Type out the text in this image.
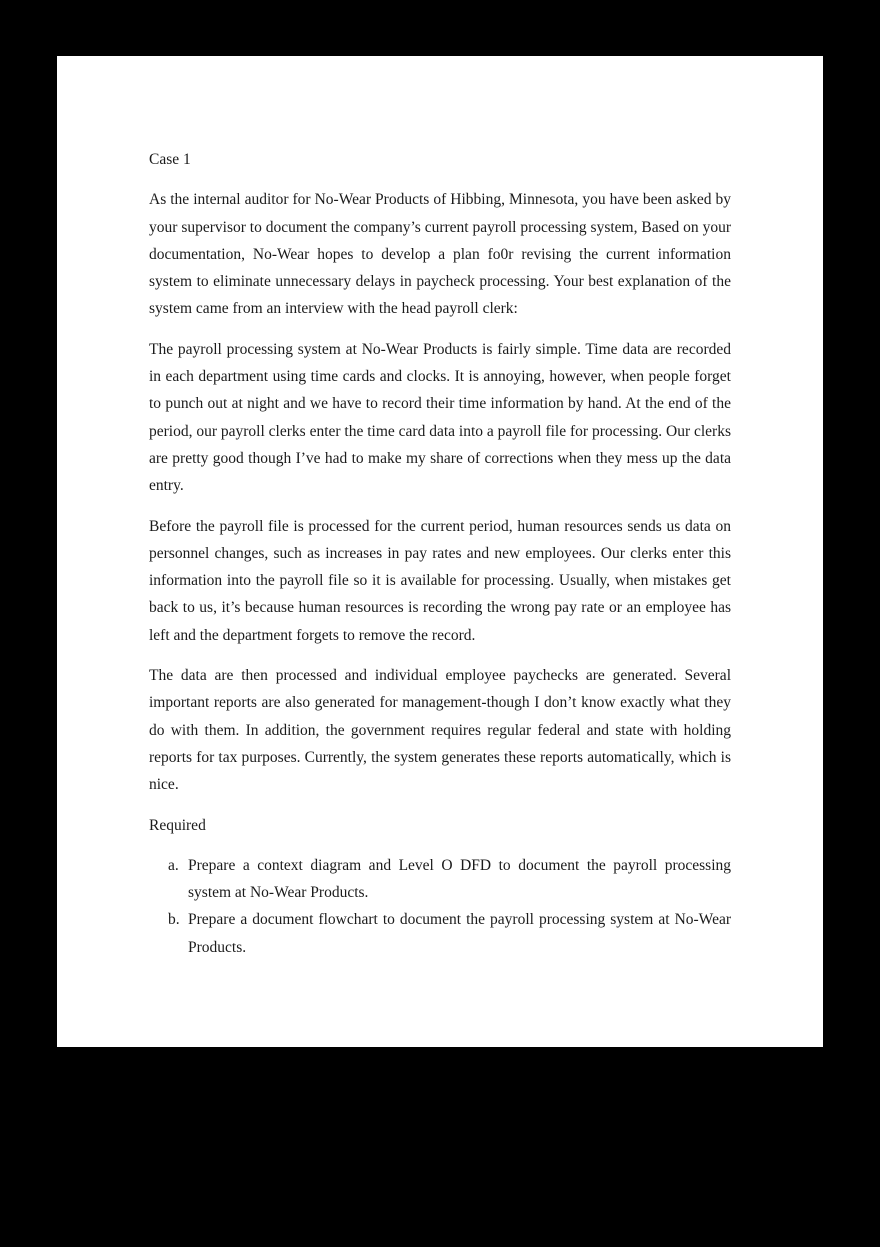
Case 1

As the internal auditor for No-Wear Products of Hibbing, Minnesota, you have been asked by your supervisor to document the company’s current payroll processing system, Based on your documentation, No-Wear hopes to develop a plan fo0r revising the current information system to eliminate unnecessary delays in paycheck processing. Your best explanation of the system came from an interview with the head payroll clerk:

The payroll processing system at No-Wear Products is fairly simple. Time data are recorded in each department using time cards and clocks. It is annoying, however, when people forget to punch out at night and we have to record their time information by hand. At the end of the period, our payroll clerks enter the time card data into a payroll file for processing. Our clerks are pretty good though I’ve had to make my share of corrections when they mess up the data entry.

Before the payroll file is processed for the current period, human resources sends us data on personnel changes, such as increases in pay rates and new employees. Our clerks enter this information into the payroll file so it is available for processing. Usually, when mistakes get back to us, it’s because human resources is recording the wrong pay rate or an employee has left and the department forgets to remove the record.

The data are then processed and individual employee paychecks are generated. Several important reports are also generated for management-though I don’t know exactly what they do with them. In addition, the government requires regular federal and state with holding reports for tax purposes. Currently, the system generates these reports automatically, which is nice.

Required

a. Prepare a context diagram and Level O DFD to document the payroll processing system at No-Wear Products.
b. Prepare a document flowchart to document the payroll processing system at No-Wear Products.
